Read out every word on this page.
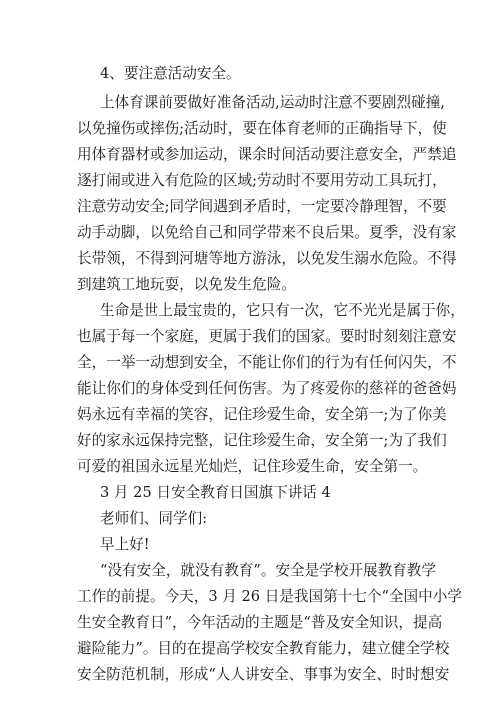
4、要注意活动安全。
上体育课前要做好准备活动,运动时注意不要剧烈碰撞,
以免撞伤或摔伤;活动时，要在体育老师的正确指导下，使
用体育器材或参加运动，课余时间活动要注意安全，严禁追
逐打闹或进入有危险的区域;劳动时不要用劳动工具玩打，
注意劳动安全;同学间遇到矛盾时，一定要冷静理智，不要
动手动脚，以免给自己和同学带来不良后果。夏季，没有家
长带领，不得到河塘等地方游泳，以免发生溺水危险。不得
到建筑工地玩耍，以免发生危险。
生命是世上最宝贵的，它只有一次，它不光光是属于你，
也属于每一个家庭，更属于我们的国家。要时时刻刻注意安
全，一举一动想到安全，不能让你们的行为有任何闪失，不
能让你们的身体受到任何伤害。为了疼爱你的慈祥的爸爸妈
妈永远有幸福的笑容，记住珍爱生命，安全第一;为了你美
好的家永远保持完整，记住珍爱生命，安全第一;为了我们
可爱的祖国永远星光灿烂，记住珍爱生命，安全第一。
3 月 25 日安全教育日国旗下讲话 4
老师们、同学们:
早上好!
“没有安全，就没有教育”。安全是学校开展教育教学
工作的前提。今天，3 月 26 日是我国第十七个“全国中小学
生安全教育日”，今年活动的主题是“普及安全知识，提高
避险能力”。目的在提高学校安全教育能力，建立健全学校
安全防范机制，形成“人人讲安全、事事为安全、时时想安
